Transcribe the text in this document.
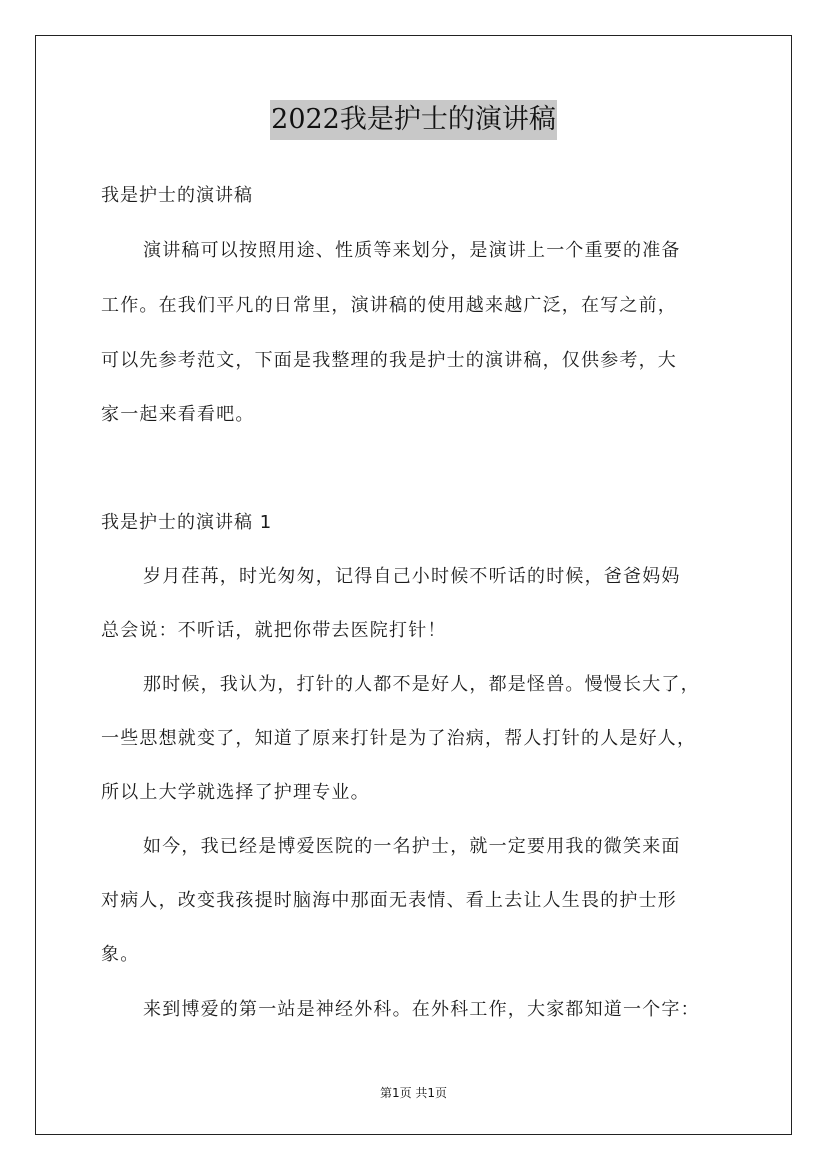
2022我是护士的演讲稿
我是护士的演讲稿
演讲稿可以按照用途、性质等来划分，是演讲上一个重要的准备
工作。在我们平凡的日常里，演讲稿的使用越来越广泛，在写之前，
可以先参考范文，下面是我整理的我是护士的演讲稿，仅供参考，大
家一起来看看吧。
我是护士的演讲稿 1
岁月荏苒，时光匆匆，记得自己小时候不听话的时候，爸爸妈妈
总会说：不听话，就把你带去医院打针！
那时候，我认为，打针的人都不是好人，都是怪兽。慢慢长大了，
一些思想就变了，知道了原来打针是为了治病，帮人打针的人是好人，
所以上大学就选择了护理专业。
如今，我已经是博爱医院的一名护士，就一定要用我的微笑来面
对病人，改变我孩提时脑海中那面无表情、看上去让人生畏的护士形
象。
来到博爱的第一站是神经外科。在外科工作，大家都知道一个字：
第1页 共1页
